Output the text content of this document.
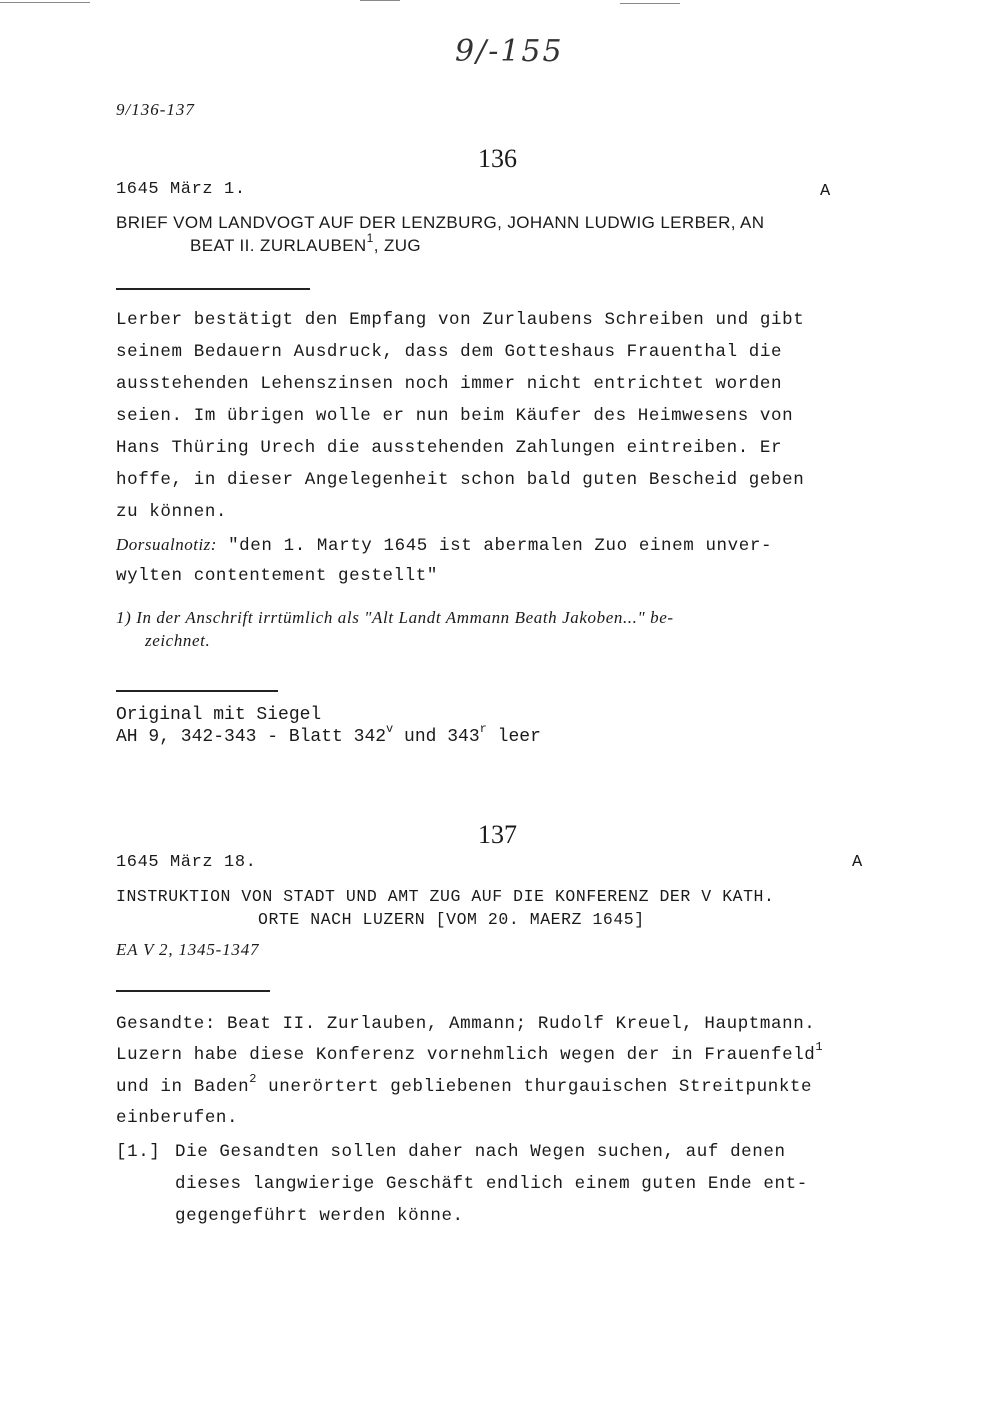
9/-155
9/136-137
136
1645 März 1.	A
BRIEF VOM LANDVOGT AUF DER LENZBURG, JOHANN LUDWIG LERBER, AN
BEAT II. ZURLAUBEN$^1$, ZUG
Lerber bestätigt den Empfang von Zurlaubens Schreiben und gibt
seinem Bedauern Ausdruck, dass dem Gotteshaus Frauenthal die
ausstehenden Lehenszinsen noch immer nicht entrichtet worden
seien. Im übrigen wolle er nun beim Käufer des Heimwesens von
Hans Thüring Urech die ausstehenden Zahlungen eintreiben. Er
hoffe, in dieser Angelegenheit schon bald guten Bescheid geben
zu können.
Dorsualnotiz: "den 1. Marty 1645 ist abermalen Zuo einem unver-
wylten contentement gestellt"
1) In der Anschrift irrtümlich als "Alt Landt Ammann Beath Jakoben..." be-
zeichnet.
Original mit Siegel
AH 9, 342-343 - Blatt 342$^v$ und 343$^r$ leer
137
1645 März 18.	A
INSTRUKTION VON STADT UND AMT ZUG AUF DIE KONFERENZ DER V KATH.
ORTE NACH LUZERN [VOM 20. MAERZ 1645]
EA V 2, 1345-1347
Gesandte: Beat II. Zurlauben, Ammann; Rudolf Kreuel, Hauptmann.
Luzern habe diese Konferenz vornehmlich wegen der in Frauenfeld$^1$
und in Baden$^2$ unerörtert gebliebenen thurgauischen Streitpunkte
einberufen.
[1.] Die Gesandten sollen daher nach Wegen suchen, auf denen
dieses langwierige Geschäft endlich einem guten Ende ent-
gegengeführt werden könne.
